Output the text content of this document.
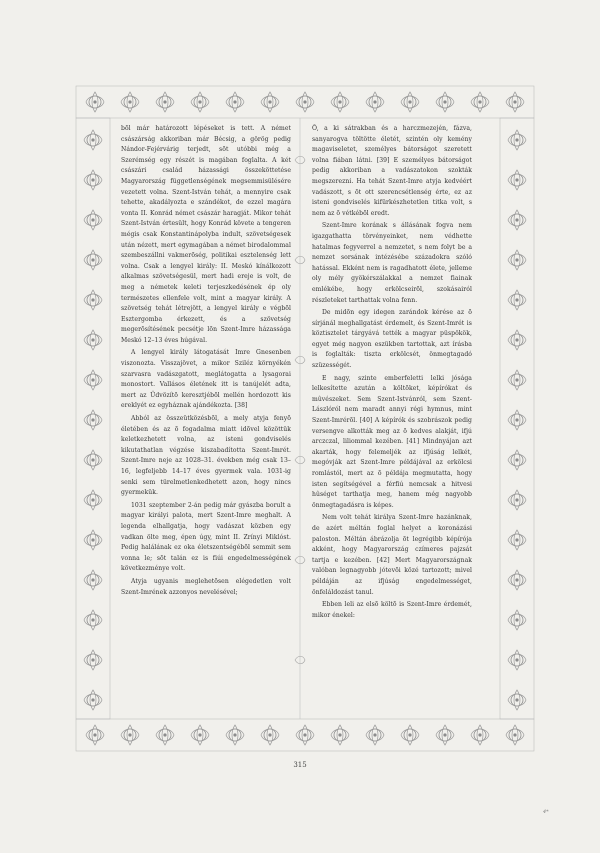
bõl már határozott lépéseket is tett. A német császárság akkoriban már Bécsig, a görög pedig Nándor-Fejérvárig terjedt, sõt utóbbi még a Szerémség egy részét is magában foglalta. A két császári család házassági összeköttetése Magyarország függetlenségének megsemmisülésére vezetett volna. Szent-István tehát, a mennyire csak tehette, akadályozta e szándékot, de ezzel magára vonta II. Konrád német császár haragját. Mikor tehát Szent-István értesült, hogy Konrád követe a tengeren mégis csak Konstantinápolyba indult, szövetségesek után nézett, mert egymagában a német birodalommal szembeszállni vakmerõség, politikai esztelenség lett volna. Csak a lengyel király: II. Meskó kínálkozott alkalmas szövetségesül, mert hadi ereje is volt, de meg a németek keleti terjeszkedésének ép oly természetes ellenfele volt, mint a magyar király. A szövetség tehát létrejött, a lengyel király e végbõl Esztergomba érkezett, és a szövetség megerõsítésének pecsétje lõn Szent-Imre házassága Meskó 12–13 éves húgával.

A lengyel király látogatását Imre Gnesenben viszonozta. Visszajövet, a mikor Sziléz környékén szarvasra vadászgatott, meglátogatta a lysagorai monostort. Vallásos életének itt is tanújelét adta, mert az Üdvözítõ keresztjébõl mellén hordozott kis ereklyét ez egyháznak ajándékozta. [38]

Abból az összeütközésbõl, a mely atyja fenyõ életében és az õ fogadalma miatt idõvel közöttük keletkezhetett volna, az isteni gondviselés kikutathatlan végzése kiszabadította Szent-Imrét. Szent-Imre neje az 1028–31. években még csak 13–16, legfeljebb 14–17 éves gyermek vala. 1031-ig senki sem türelmetlenkedhetett azon, hogy nincs gyermekük.

1031 szeptember 2-án pedig már gyászba borult a magyar királyi palota, mert Szent-Imre meghalt. A legenda elhallgatja, hogy vadászat közben egy vadkan ölte meg, épen úgy, mint II. Zrínyi Miklóst. Pedig halálának ez oka életszentségébõl semmit sem vonna le; sõt talán ez is fiúi engedelmességének következménye volt.

Atyja ugyanis meglehetõsen elégedetlen volt Szent-Imrének azzonyos nevelésével;

Õ, a ki sátrakban és a harczmezején, fázva, sanyarogva töltötte életét, szintén oly kemény magaviseletet, személyes bátorságot szeretett volna fiában látni. [39] E személyes bátorságot pedig akkoriban a vadászatokon szokták megszerezni. Ha tehát Szent-Imre atyja kedvéért vadászott, s õt ott szerencsétlenség érte, ez az isteni gondviselés kifürkészhetetlen titka volt, s nem az õ vétkébõl eredt.

Szent-Imre korának s állásának fogva nem igazgathatta törvényeinket, nem védhette hatalmas fegyverrel a nemzetet, s nem folyt be a nemzet sorsának intézésébe századokra szóló hatással. Ekként nem is ragadhatott élete, jelleme oly mély gyökérszálakkal a nemzet fiainak emlékébe, hogy erkölcseirõl, szokásairól részleteket tarthattak volna fenn.

De midõn egy idegen zarándok kérése az õ sírjánál meghallgatást érdemelt, és Szent-Imrét is köztisztelet tárgyává tették a magyar püspökök, egyet még nagyon eszükben tartottak, azt írásba is foglalták: tiszta erkölcsét, önmegtagadó szüzességét.

E nagy, szinte emberfeletti lelki jósága lelkesítette azután a költõket, képírókat és mûvészeket. Sem Szent-Istvánról, sem Szent-Lászlóról nem maradt annyi régi hymnus, mint Szent-Imrérõl. [40] A képírók és szobrászok pedig versengve alkották meg az õ kedves alakját, ifjú arczczal, liliommal kezében. [41] Mindnyájan azt akarták, hogy felemeljék az ifjúság lelkét, megóvják azt Szent-Imre példájával az erkölcsi romlástól, mert az õ példája megmutatta, hogy isten segítségével a férfiú nemcsak a hitvesi hûséget tarthatja meg, hanem még nagyobb önmegtagadásra is képes.

Nem volt tehát királya Szent-Imre hazánknak, de azért méltán foglal helyet a koronázási paloston. Méltán ábrázolja õt legrégibb képírója akként, hogy Magyarország czímeres pajzsát tartja e kezében. [42] Mert Magyarországnak valóban legnagyobb jótevõi közé tartozott; mivel példáján az ifjúság engedelmességet, önfeláldozást tanul.

Ebben leli az elsõ költõ is Szent-Imre érdemét, mikor énekel:

315
4*
